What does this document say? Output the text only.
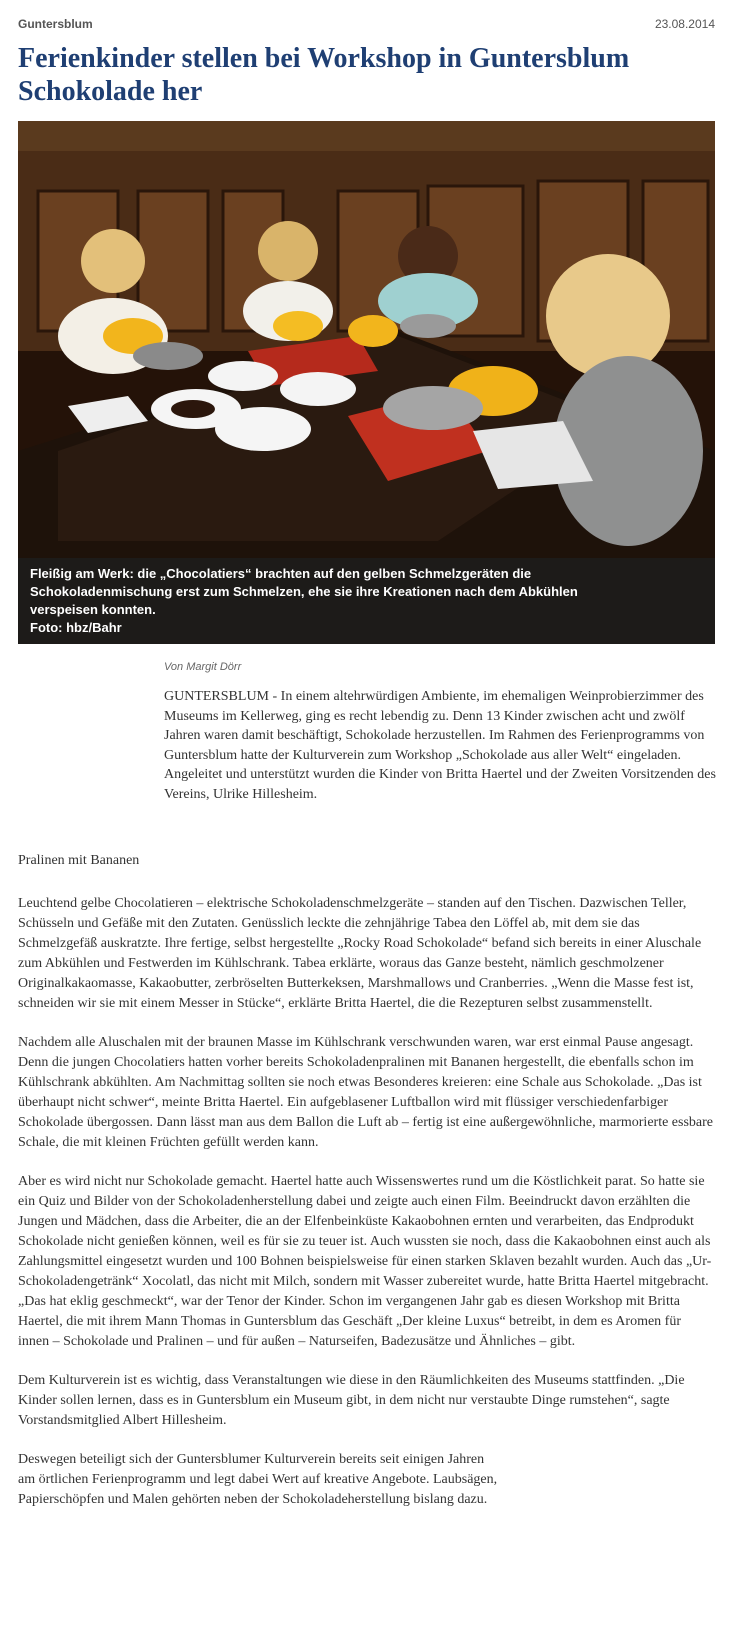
Guntersblum	23.08.2014
Ferienkinder stellen bei Workshop in Guntersblum Schokolade her
Fleißig am Werk: die „Chocolatiers“ brachten auf den gelben Schmelzgeräten die
Schokoladenmischung erst zum Schmelzen, ehe sie ihre Kreationen nach dem Abkühlen
verspeisen konnten.
Foto: hbz/Bahr
Von Margit Dörr

GUNTERSBLUM - In einem altehrwürdigen Ambiente, im ehemaligen Weinprobierzimmer des Museums im Kellerweg, ging es recht lebendig zu. Denn 13 Kinder zwischen acht und zwölf Jahren waren damit beschäftigt, Schokolade herzustellen. Im Rahmen des Ferienprogramms von Guntersblum hatte der Kulturverein zum Workshop „Schokolade aus aller Welt“ eingeladen. Angeleitet und unterstützt wurden die Kinder von Britta Haertel und der Zweiten Vorsitzenden des Vereins, Ulrike Hillesheim.

Pralinen mit Bananen

Leuchtend gelbe Chocolatieren – elektrische Schokoladenschmelzgeräte – standen auf den Tischen. Dazwischen Teller, Schüsseln und Gefäße mit den Zutaten. Genüsslich leckte die zehnjährige Tabea den Löffel ab, mit dem sie das Schmelzgefäß auskratzte. Ihre fertige, selbst hergestellte „Rocky Road Schokolade“ befand sich bereits in einer Aluschale zum Abkühlen und Festwerden im Kühlschrank. Tabea erklärte, woraus das Ganze besteht, nämlich geschmolzener Originalkakaomasse, Kakaobutter, zerbröselten Butterkeksen, Marshmallows und Cranberries. „Wenn die Masse fest ist, schneiden wir sie mit einem Messer in Stücke“, erklärte Britta Haertel, die die Rezepturen selbst zusammenstellt.

Nachdem alle Aluschalen mit der braunen Masse im Kühlschrank verschwunden waren, war erst einmal Pause angesagt. Denn die jungen Chocolatiers hatten vorher bereits Schokoladenpralinen mit Bananen hergestellt, die ebenfalls schon im Kühlschrank abkühlten. Am Nachmittag sollten sie noch etwas Besonderes kreieren: eine Schale aus Schokolade. „Das ist überhaupt nicht schwer“, meinte Britta Haertel. Ein aufgeblasener Luftballon wird mit flüssiger verschiedenfarbiger Schokolade übergossen. Dann lässt man aus dem Ballon die Luft ab – fertig ist eine außergewöhnliche, marmorierte essbare Schale, die mit kleinen Früchten gefüllt werden kann.

Aber es wird nicht nur Schokolade gemacht. Haertel hatte auch Wissenswertes rund um die Köstlichkeit parat. So hatte sie ein Quiz und Bilder von der Schokoladenherstellung dabei und zeigte auch einen Film. Beeindruckt davon erzählten die Jungen und Mädchen, dass die Arbeiter, die an der Elfenbeinküste Kakaobohnen ernten und verarbeiten, das Endprodukt Schokolade nicht genießen können, weil es für sie zu teuer ist. Auch wussten sie noch, dass die Kakaobohnen einst auch als Zahlungsmittel eingesetzt wurden und 100 Bohnen beispielsweise für einen starken Sklaven bezahlt wurden. Auch das „Ur-Schokoladengetränk“ Xocolatl, das nicht mit Milch, sondern mit Wasser zubereitet wurde, hatte Britta Haertel mitgebracht. „Das hat eklig geschmeckt“, war der Tenor der Kinder. Schon im vergangenen Jahr gab es diesen Workshop mit Britta Haertel, die mit ihrem Mann Thomas in Guntersblum das Geschäft „Der kleine Luxus“ betreibt, in dem es Aromen für innen – Schokolade und Pralinen – und für außen – Naturseifen, Badezusätze und Ähnliches – gibt.

Dem Kulturverein ist es wichtig, dass Veranstaltungen wie diese in den Räumlichkeiten des Museums stattfinden. „Die Kinder sollen lernen, dass es in Guntersblum ein Museum gibt, in dem nicht nur verstaubte Dinge rumstehen“, sagte Vorstandsmitglied Albert Hillesheim.

Deswegen beteiligt sich der Guntersblumer Kulturverein bereits seit einigen Jahren am örtlichen Ferienprogramm und legt dabei Wert auf kreative Angebote. Laubsägen, Papierschöpfen und Malen gehörten neben der Schokoladeherstellung bislang dazu.
